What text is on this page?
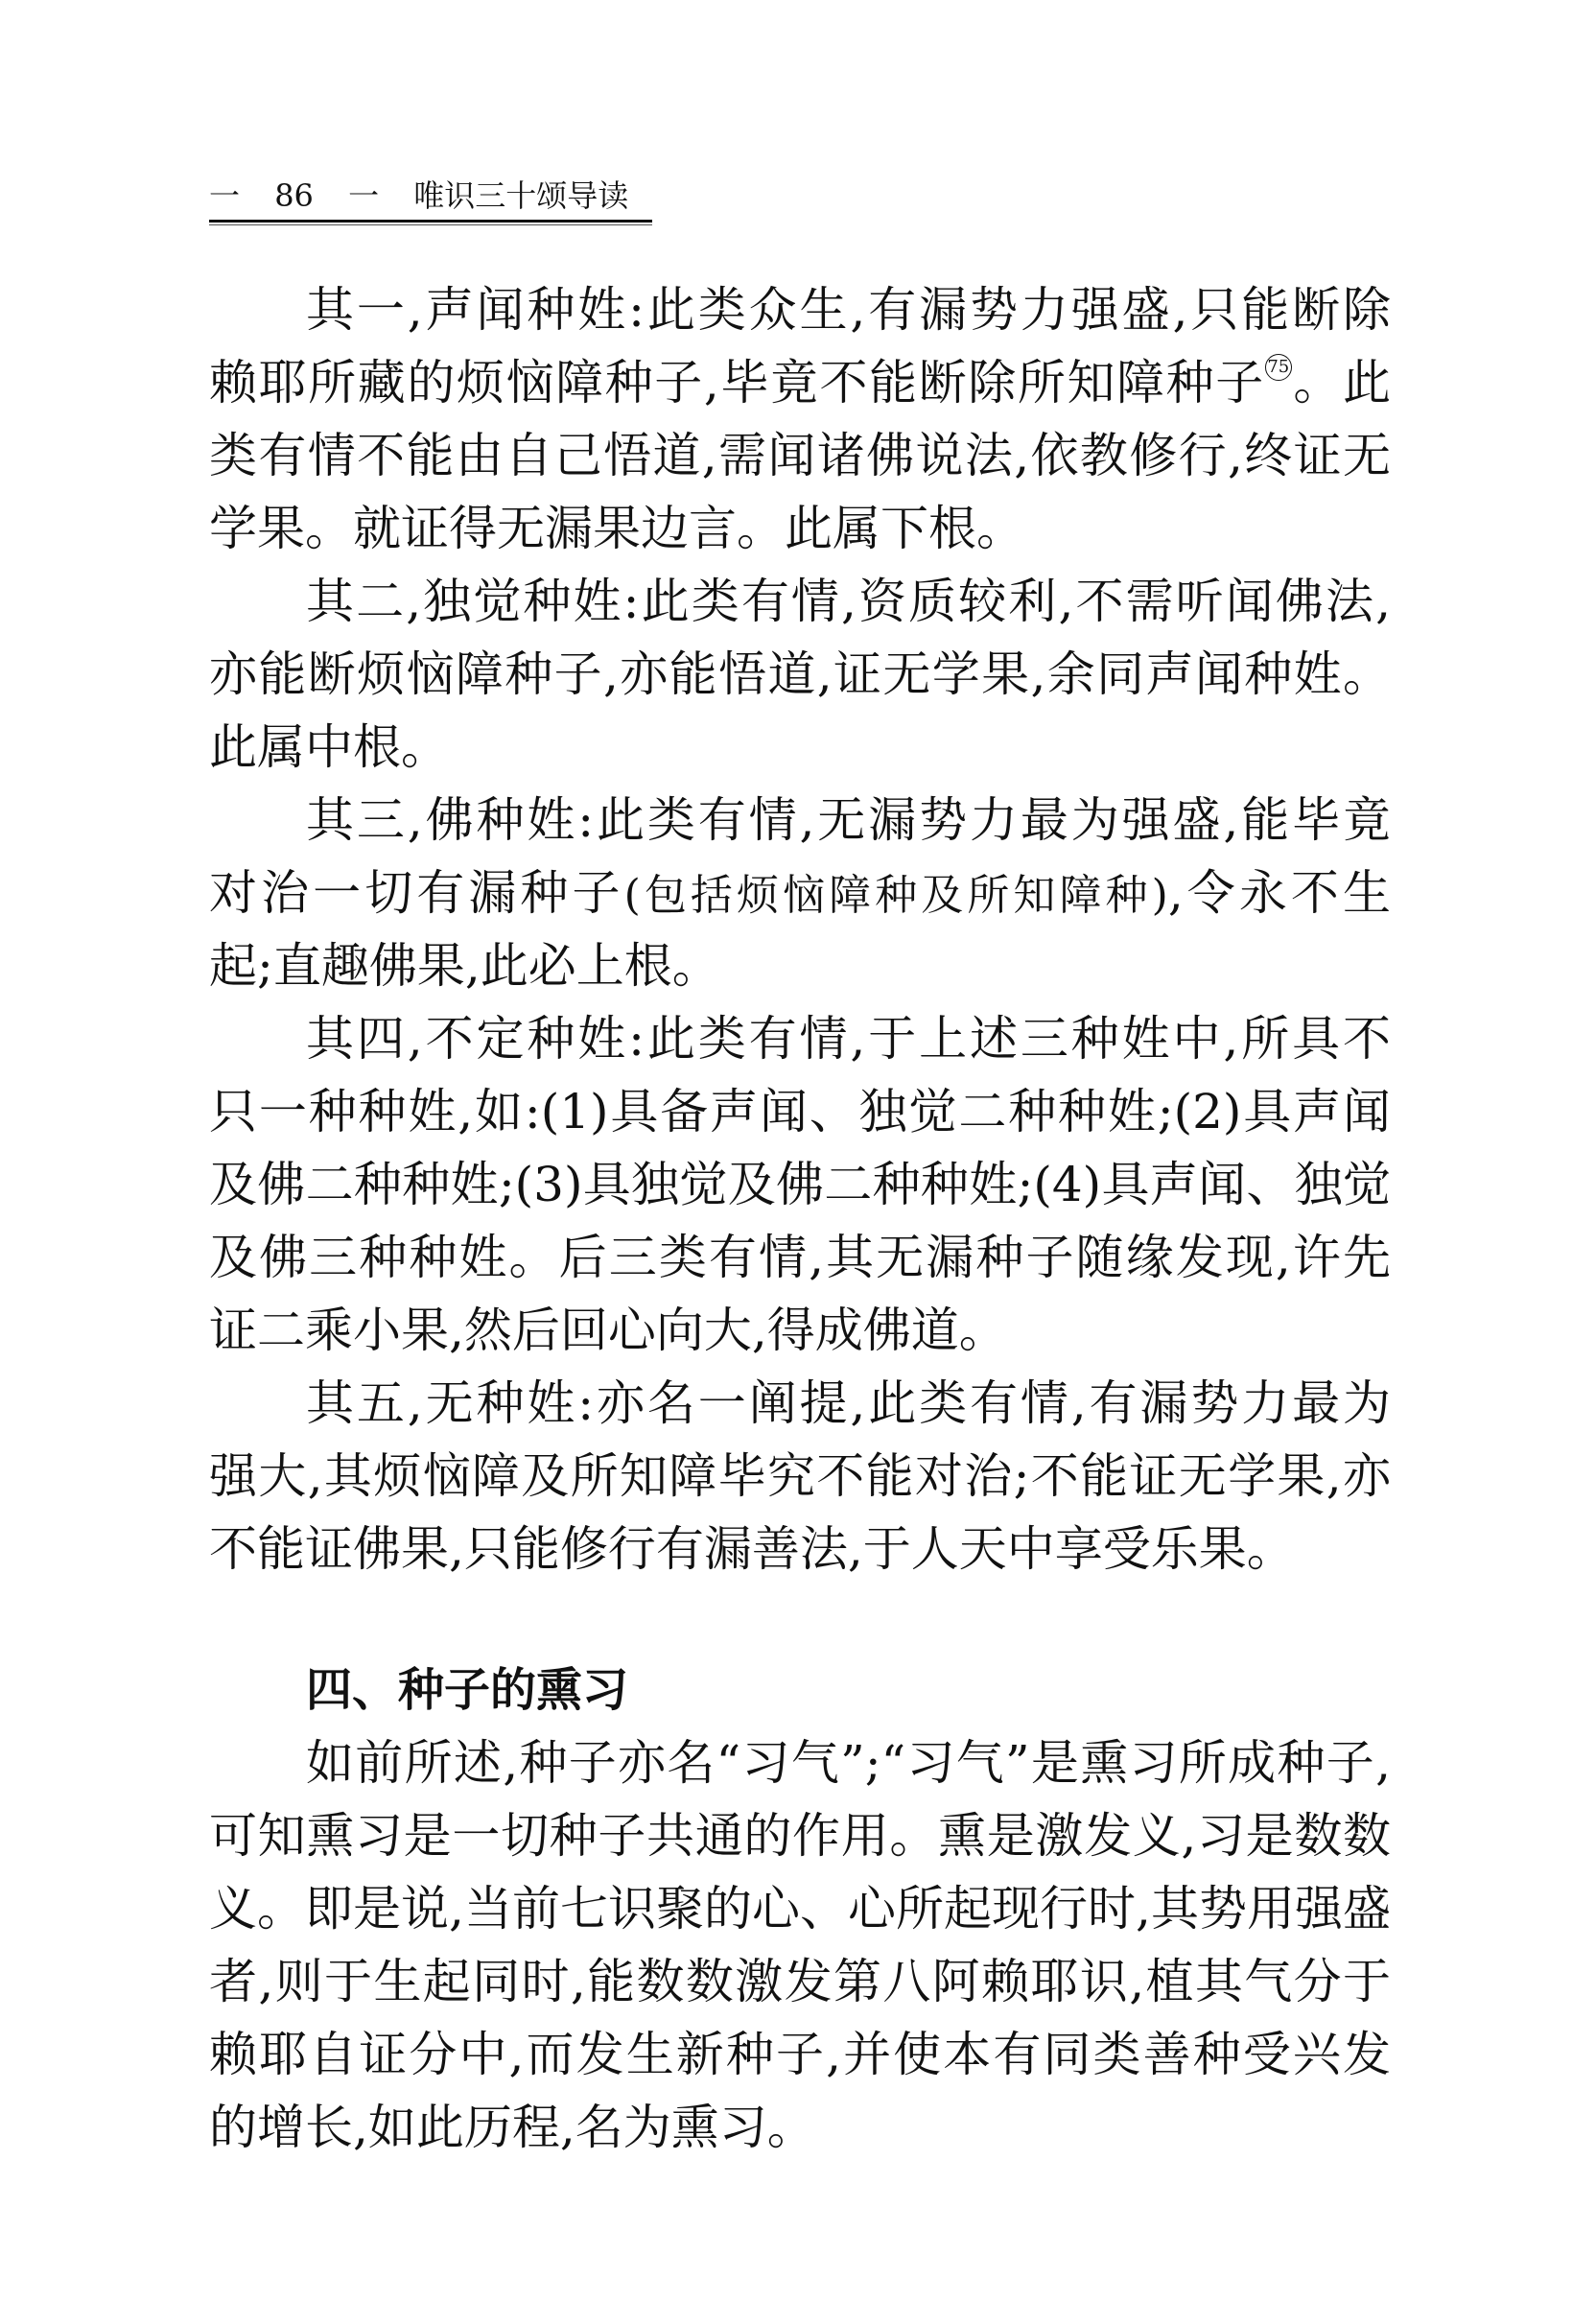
一 86 一 唯识三十颂导读
其一,声闻种姓:此类众生,有漏势力强盛,只能断除
赖耶所藏的烦恼障种子,毕竟不能断除所知障种子 75。此
类有情不能由自己悟道,需闻诸佛说法,依教修行,终证无
学果。就证得无漏果边言。此属下根。
其二,独觉种姓:此类有情,资质较利,不需听闻佛法,
亦能断烦恼障种子,亦能悟道,证无学果,余同声闻种姓。
此属中根。
其三,佛种姓:此类有情,无漏势力最为强盛,能毕竟
对治一切有漏种子(包括烦恼障种及所知障种),令永不生
起;直趣佛果,此必上根。
其四,不定种姓:此类有情,于上述三种姓中,所具不
只一种种姓,如:(1)具备声闻、独觉二种种姓;(2)具声闻
及佛二种种姓;(3)具独觉及佛二种种姓;(4)具声闻、独觉
及佛三种种姓。后三类有情,其无漏种子随缘发现,许先
证二乘小果,然后回心向大,得成佛道。
其五,无种姓:亦名一阐提,此类有情,有漏势力最为
强大,其烦恼障及所知障毕究不能对治;不能证无学果,亦
不能证佛果,只能修行有漏善法,于人天中享受乐果。
四、种子的熏习
如前所述,种子亦名“习气”;“习气”是熏习所成种子,
可知熏习是一切种子共通的作用。熏是激发义,习是数数
义。即是说,当前七识聚的心、心所起现行时,其势用强盛
者,则于生起同时,能数数激发第八阿赖耶识,植其气分于
赖耶自证分中,而发生新种子,并使本有同类善种受兴发
的增长,如此历程,名为熏习。
